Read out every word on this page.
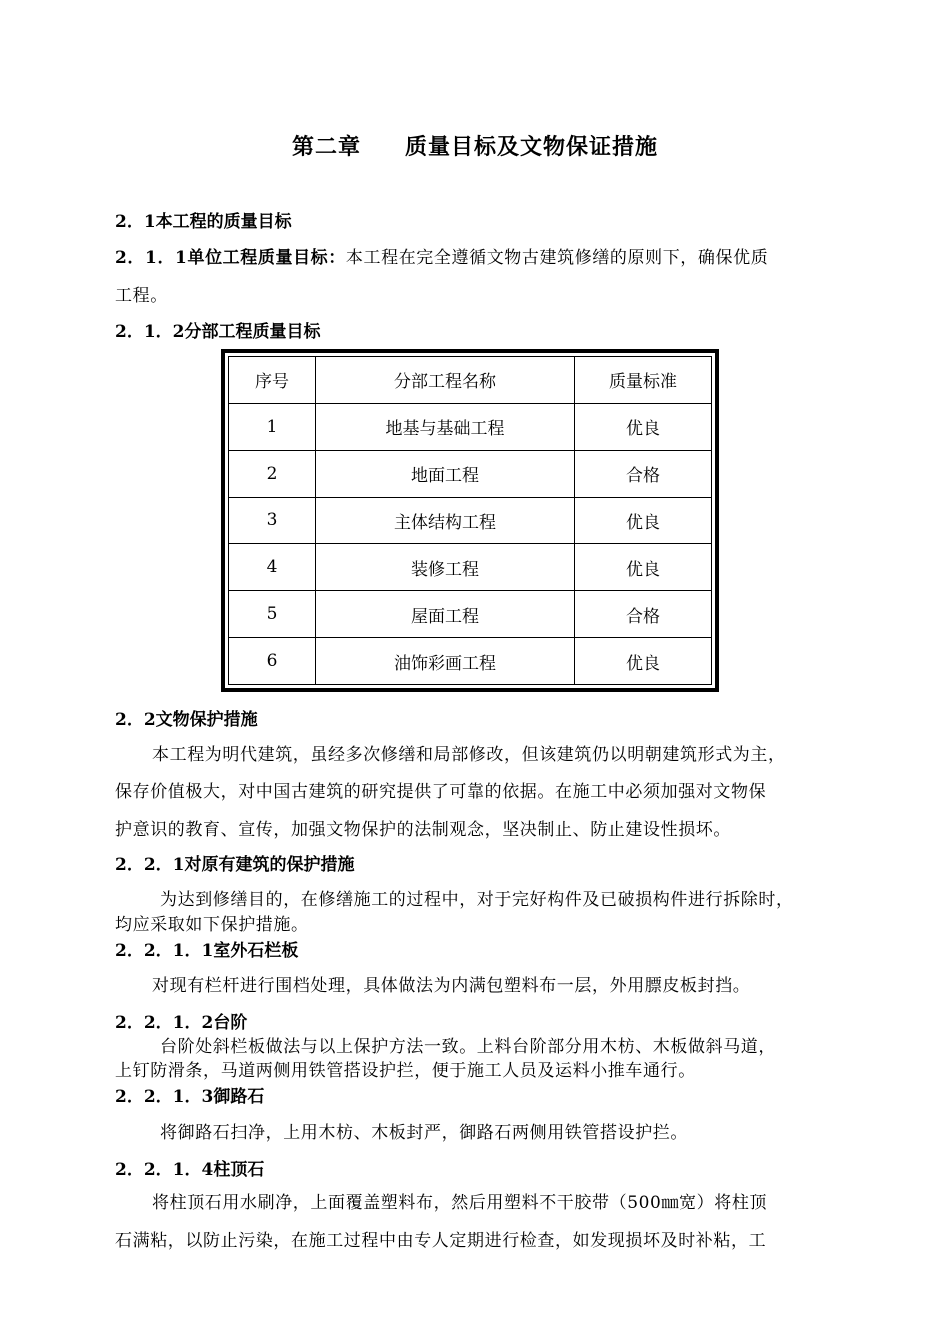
第二章 质量目标及文物保证措施
2．1本工程的质量目标
2．1．1单位工程质量目标：本工程在完全遵循文物古建筑修缮的原则下，确保优质
工程。
2．1．2分部工程质量目标
序号	分部工程名称	质量标准
1	地基与基础工程	优良
2	地面工程	合格
3	主体结构工程	优良
4	装修工程	优良
5	屋面工程	合格
6	油饰彩画工程	优良
2．2文物保护措施
本工程为明代建筑，虽经多次修缮和局部修改，但该建筑仍以明朝建筑形式为主，
保存价值极大，对中国古建筑的研究提供了可靠的依据。在施工中必须加强对文物保
护意识的教育、宣传，加强文物保护的法制观念，坚决制止、防止建设性损坏。
2．2．1对原有建筑的保护措施
为达到修缮目的，在修缮施工的过程中，对于完好构件及已破损构件进行拆除时，
均应采取如下保护措施。
2．2．1．1室外石栏板
对现有栏杆进行围档处理，具体做法为内满包塑料布一层，外用膘皮板封挡。
2．2．1．2台阶
台阶处斜栏板做法与以上保护方法一致。上料台阶部分用木枋、木板做斜马道，
上钉防滑条，马道两侧用铁管搭设护拦，便于施工人员及运料小推车通行。
2．2．1．3御路石
将御路石扫净，上用木枋、木板封严，御路石两侧用铁管搭设护拦。
2．2．1．4柱顶石
将柱顶石用水刷净，上面覆盖塑料布，然后用塑料不干胶带（500㎜宽）将柱顶
石满粘，以防止污染，在施工过程中由专人定期进行检查，如发现损坏及时补粘，工
